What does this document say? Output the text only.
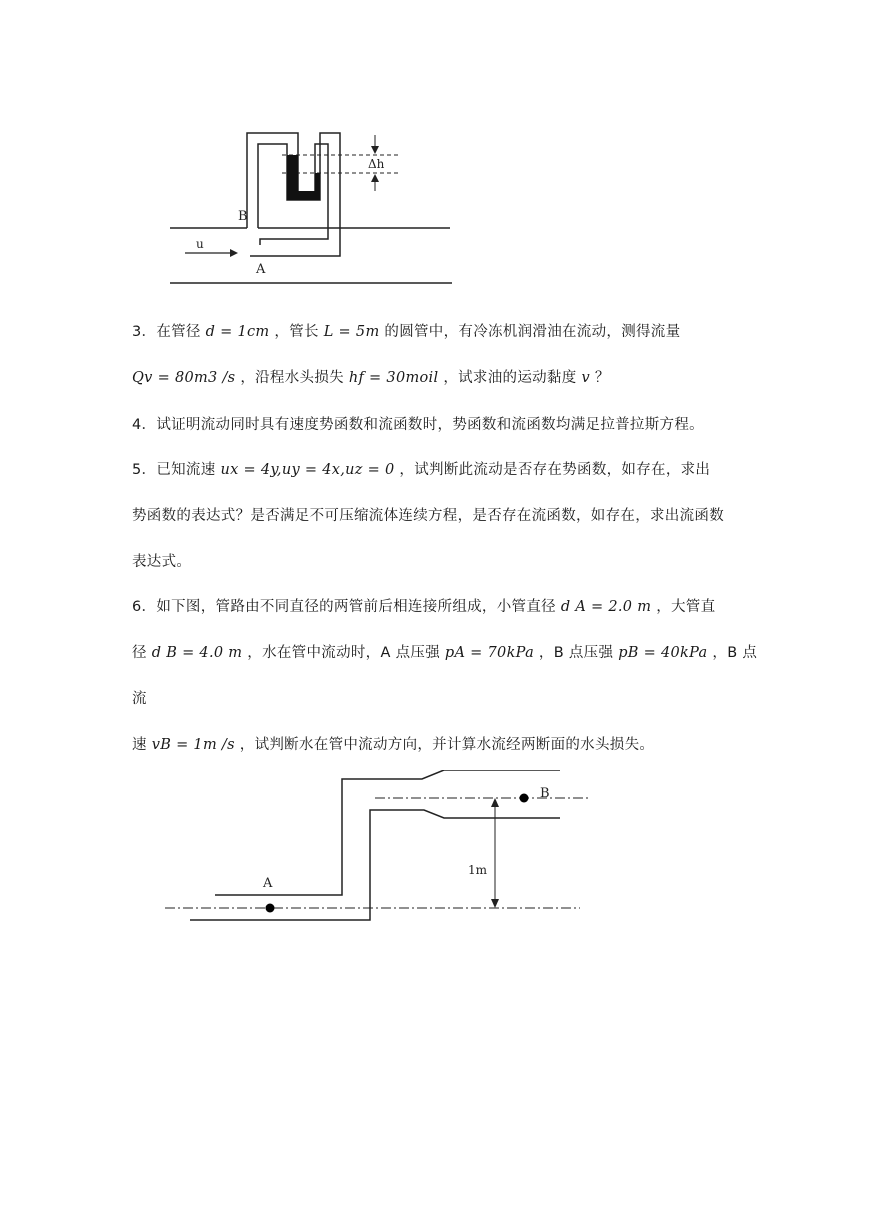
B
u
A
Δh
3．在管径 d = 1cm ，管长 L = 5m 的圆管中，有冷冻机润滑油在流动，测得流量
Qv = 80m3 /s ，沿程水头损失 hf = 30moil ，试求油的运动黏度 v ？
4．试证明流动同时具有速度势函数和流函数时，势函数和流函数均满足拉普拉斯方程。
5．已知流速 ux = 4y,uy = 4x,uz = 0 ，试判断此流动是否存在势函数，如存在，求出
势函数的表达式？是否满足不可压缩流体连续方程，是否存在流函数，如存在，求出流函数
表达式。
6．如下图，管路由不同直径的两管前后相连接所组成，小管直径 d A = 2.0 m ，大管直
径 d B = 4.0 m ，水在管中流动时，A 点压强 pA = 70kPa ，B 点压强 pB = 40kPa ，B 点
流
速 vB = 1m /s ，试判断水在管中流动方向，并计算水流经两断面的水头损失。
A
B
1m
